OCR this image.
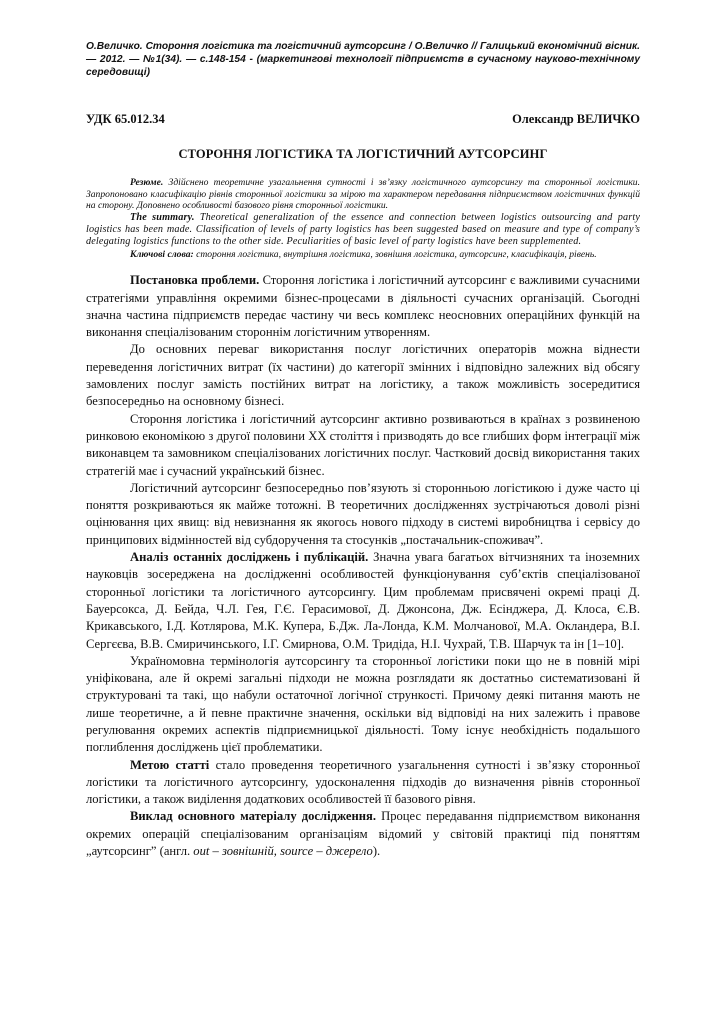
О.Величко. Стороння логістика та логістичний аутсорсинг / О.Величко // Галицький економічний вісник. — 2012. — №1(34). — с.148-154 - (маркетингові технології підприємств в сучасному науково-технічному середовищі)

УДК 65.012.34	Олександр ВЕЛИЧКО
СТОРОННЯ ЛОГІСТИКА ТА ЛОГІСТИЧНИЙ АУТСОРСИНГ

Резюме. Здійснено теоретичне узагальнення сутності і зв’язку логістичного аутсорсингу та сторонньої логістики. Запропоновано класифікацію рівнів сторонньої логістики за мірою та характером передавання підприємством логістичних функцій на сторону. Доповнено особливості базового рівня сторонньої логістики.

The summary. Theoretical generalization of the essence and connection between logistics outsourcing and party logistics has been made. Classification of levels of party logistics has been suggested based on measure and type of company’s delegating logistics functions to the other side. Peculiarities of basic level of party logistics have been supplemented.

Ключові слова: стороння логістика, внутрішня логістика, зовнішня логістика, аутсорсинг, класифікація, рівень.

Постановка проблеми. Стороння логістика і логістичний аутсорсинг є важливими сучасними стратегіями управління окремими бізнес-процесами в діяльності сучасних організацій. Сьогодні значна частина підприємств передає частину чи весь комплекс неосновних операційних функцій на виконання спеціалізованим стороннім логістичним утворенням.

До основних переваг використання послуг логістичних операторів можна віднести переведення логістичних витрат (їх частини) до категорії змінних і відповідно залежних від обсягу замовлених послуг замість постійних витрат на логістику, а також можливість зосередитися безпосередньо на основному бізнесі.

Стороння логістика і логістичний аутсорсинг активно розвиваються в країнах з розвиненою ринковою економікою з другої половини ХХ століття і призводять до все глибших форм інтеграції між виконавцем та замовником спеціалізованих логістичних послуг. Частковий досвід використання таких стратегій має і сучасний український бізнес.

Логістичний аутсорсинг безпосередньо пов’язують зі сторонньою логістикою і дуже часто ці поняття розкриваються як майже тотожні. В теоретичних дослідженнях зустрічаються доволі різні оцінювання цих явищ: від невизнання як якогось нового підходу в системі виробництва і сервісу до принципових відмінностей від субдоручення та стосунків „постачальник-споживач”.

Аналіз останніх досліджень і публікацій. Значна увага багатьох вітчизняних та іноземних науковців зосереджена на дослідженні особливостей функціонування суб’єктів спеціалізованої сторонньої логістики та логістичного аутсорсингу. Цим проблемам присвячені окремі праці Д. Бауерсокса, Д. Бейда, Ч.Л. Гея, Г.Є. Герасимової, Д. Джонсона, Дж. Есінджера, Д. Клоса, Є.В. Крикавського, І.Д. Котлярова, М.К. Купера, Б.Дж. Ла-Лонда, К.М. Молчанової, М.А. Окландера, В.І. Сергєєва, В.В. Смиричинського, І.Г. Смирнова, О.М. Тридіда, Н.І. Чухрай, Т.В. Шарчук та ін [1–10].

Україномовна термінологія аутсорсингу та сторонньої логістики поки що не в повній мірі уніфікована, але й окремі загальні підходи не можна розглядати як достатньо систематизовані й структуровані та такі, що набули остаточної логічної стрункості. Причому деякі питання мають не лише теоретичне, а й певне практичне значення, оскільки від відповіді на них залежить і правове регулювання окремих аспектів підприємницької діяльності. Тому існує необхідність подальшого поглиблення досліджень цієї проблематики.

Метою статті стало проведення теоретичного узагальнення сутності і зв’язку сторонньої логістики та логістичного аутсорсингу, удосконалення підходів до визначення рівнів сторонньої логістики, а також виділення додаткових особливостей її базового рівня.

Виклад основного матеріалу дослідження. Процес передавання підприємством виконання окремих операцій спеціалізованим організаціям відомий у світовій практиці під поняттям „аутсорсинг” (англ. out – зовнішній, source – джерело).
